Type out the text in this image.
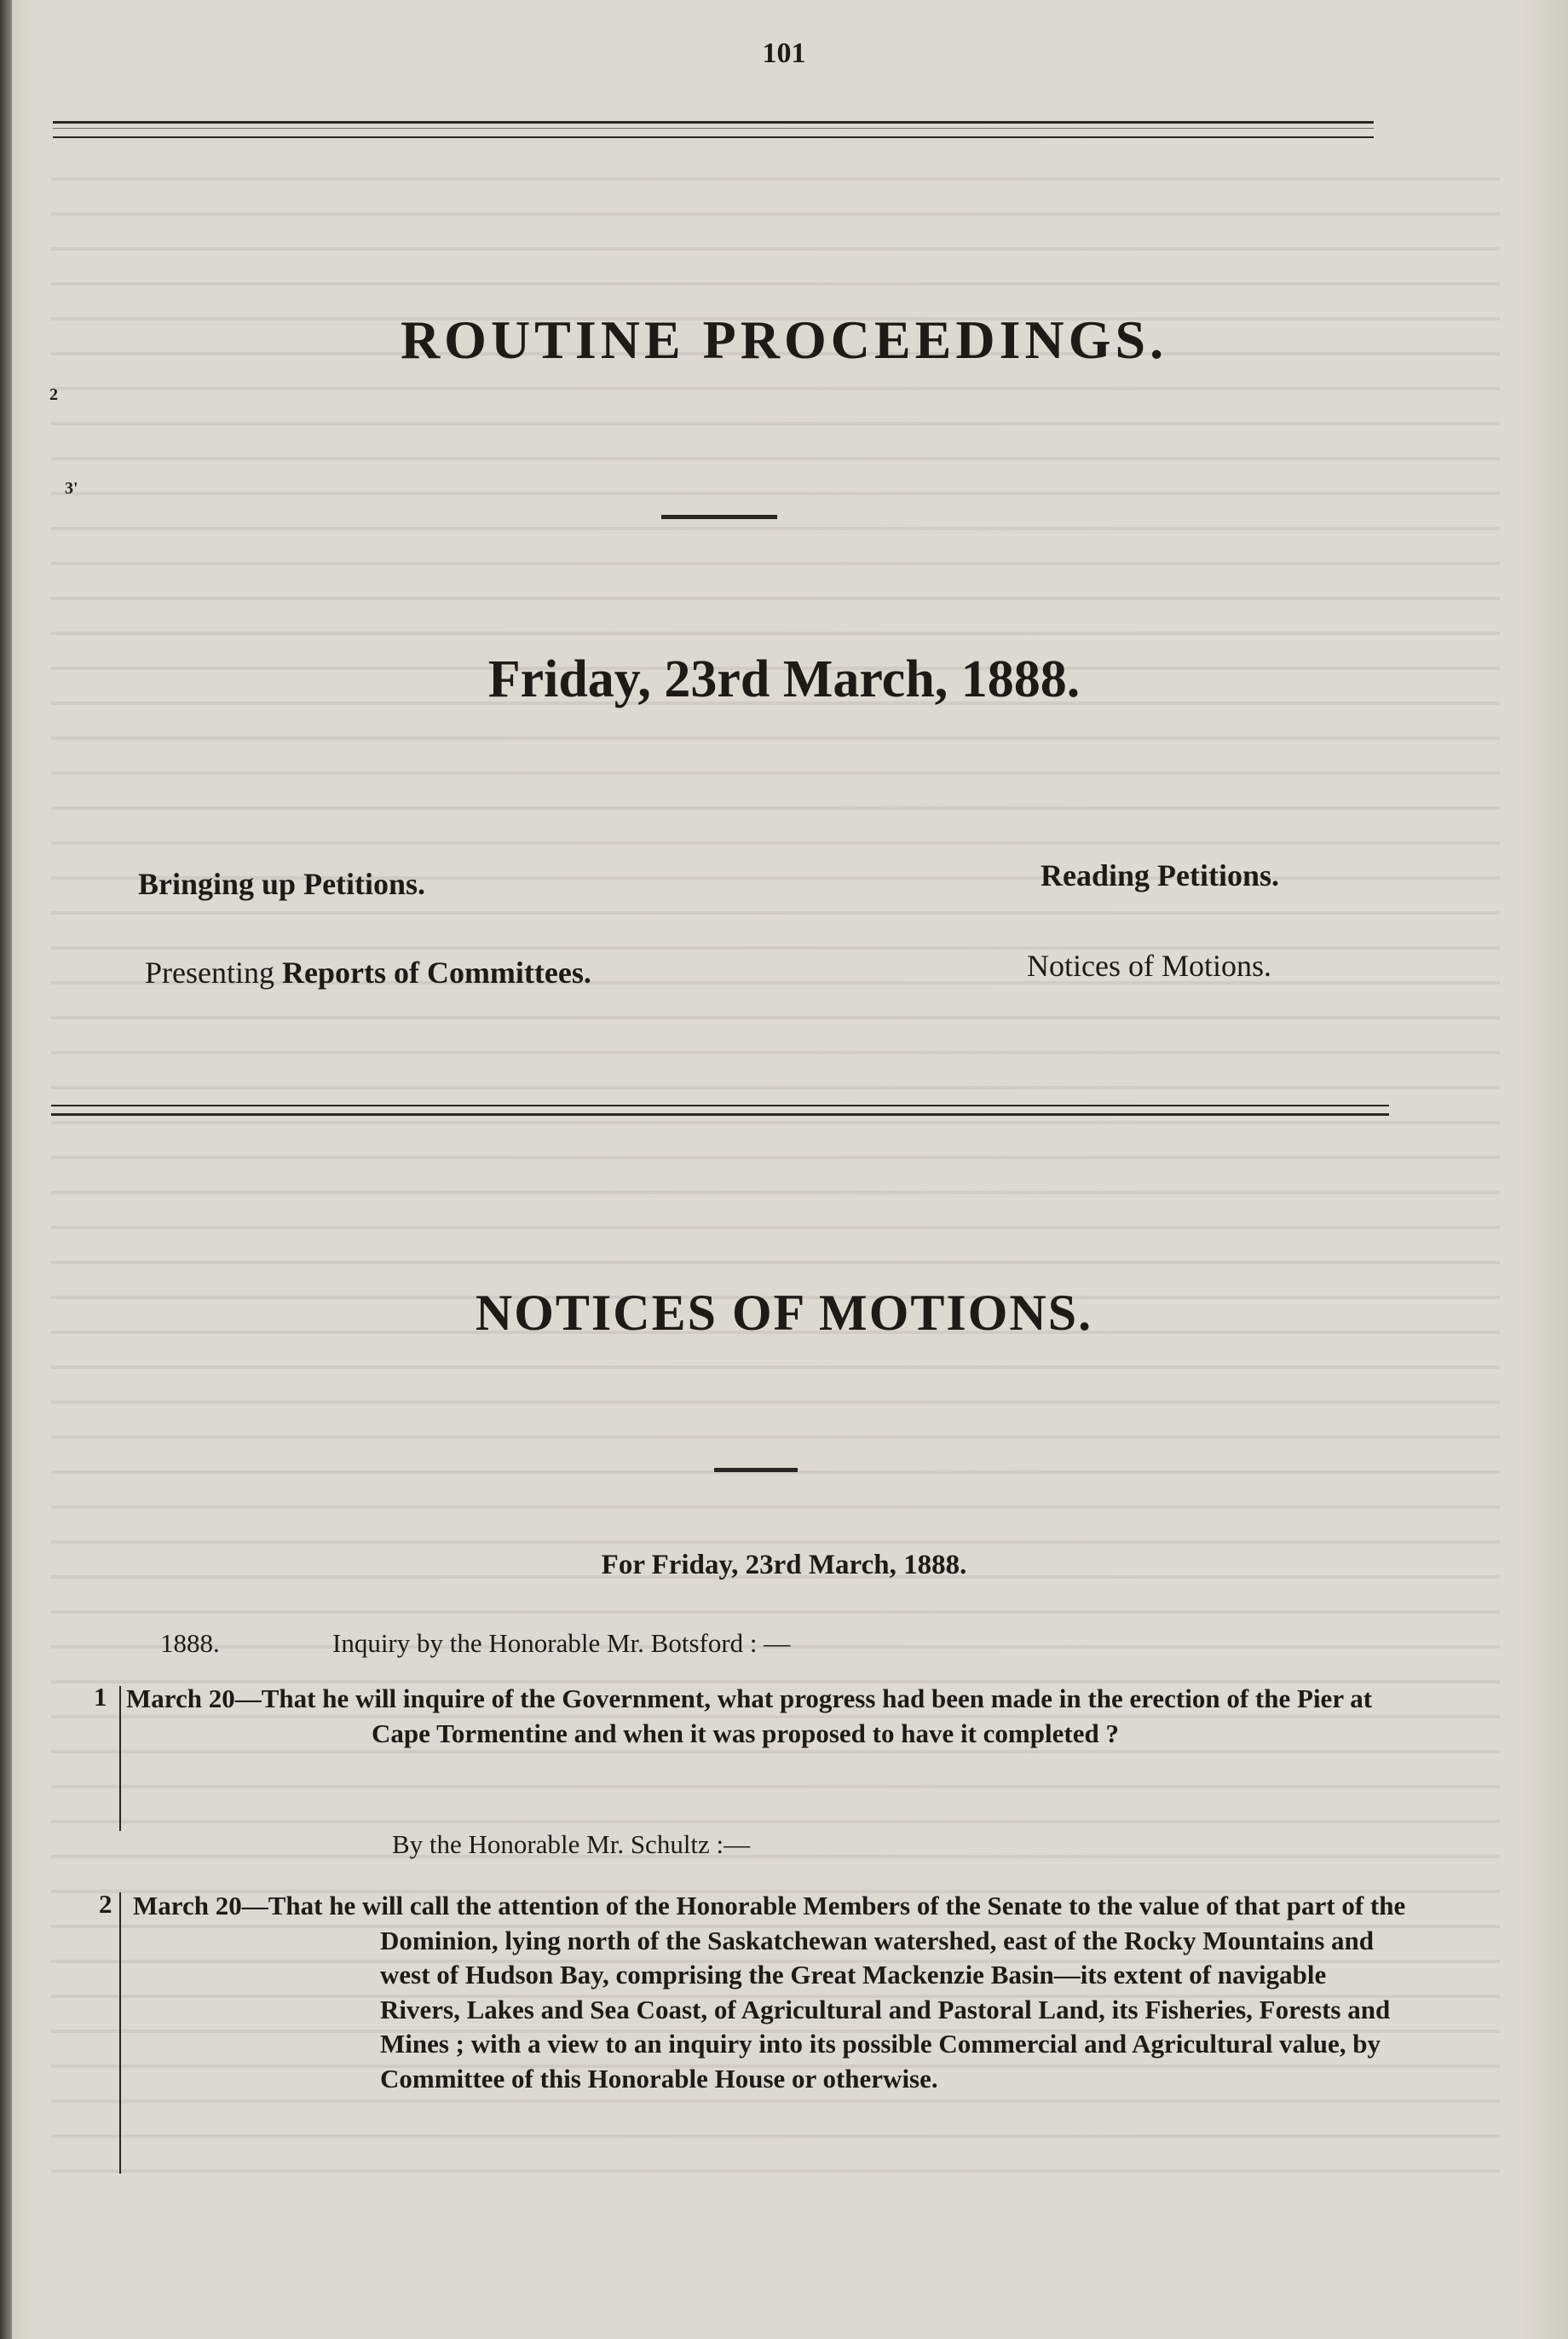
101
2
3'
ROUTINE PROCEEDINGS.
Friday, 23rd March, 1888.
Bringing up Petitions.	Reading Petitions.
Presenting Reports of Committees.	Notices of Motions.
NOTICES OF MOTIONS.
For Friday, 23rd March, 1888.
1888.	Inquiry by the Honorable Mr. Botsford : —
1 March 20—That he will inquire of the Government, what progress had been made in the erection of the Pier at Cape Tormentine and when it was proposed to have it completed ?
By the Honorable Mr. Schultz :—
2 March 20—That he will call the attention of the Honorable Members of the Senate to the value of that part of the Dominion, lying north of the Saskatchewan watershed, east of the Rocky Mountains and west of Hudson Bay, comprising the Great Mackenzie Basin—its extent of navigable Rivers, Lakes and Sea Coast, of Agricultural and Pastoral Land, its Fisheries, Forests and Mines ; with a view to an inquiry into its possible Commercial and Agricultural value, by Committee of this Honorable House or otherwise.
